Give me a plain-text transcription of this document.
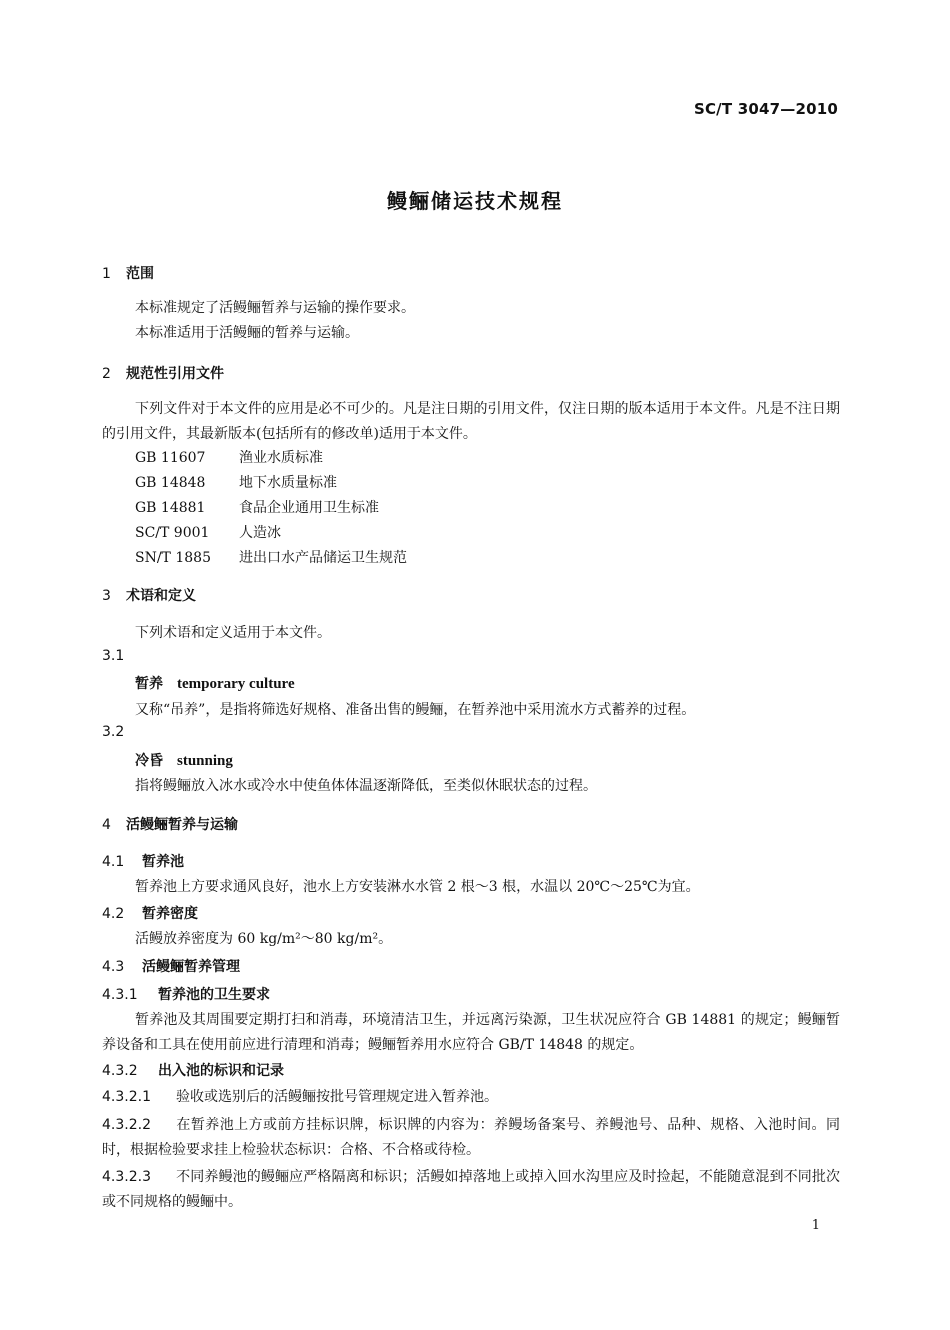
SC/T 3047—2010
鳗鲡储运技术规程
1 范围
本标准规定了活鳗鲡暂养与运输的操作要求。
本标准适用于活鳗鲡的暂养与运输。
2 规范性引用文件
下列文件对于本文件的应用是必不可少的。凡是注日期的引用文件，仅注日期的版本适用于本文件。凡是不注日期的引用文件，其最新版本(包括所有的修改单)适用于本文件。
GB 11607 渔业水质标准
GB 14848 地下水质量标准
GB 14881 食品企业通用卫生标准
SC/T 9001 人造冰
SN/T 1885 进出口水产品储运卫生规范
3 术语和定义
下列术语和定义适用于本文件。
3.1
暂养 temporary culture
又称“吊养”，是指将筛选好规格、准备出售的鳗鲡，在暂养池中采用流水方式蓄养的过程。
3.2
冷昏 stunning
指将鳗鲡放入冰水或冷水中使鱼体体温逐渐降低，至类似休眠状态的过程。
4 活鳗鲡暂养与运输
4.1 暂养池
暂养池上方要求通风良好，池水上方安装淋水水管 2 根～3 根，水温以 20℃～25℃为宜。
4.2 暂养密度
活鳗放养密度为 60 kg/m²～80 kg/m²。
4.3 活鳗鲡暂养管理
4.3.1 暂养池的卫生要求
暂养池及其周围要定期打扫和消毒，环境清洁卫生，并远离污染源，卫生状况应符合 GB 14881 的规定；鳗鲡暂养设备和工具在使用前应进行清理和消毒；鳗鲡暂养用水应符合 GB/T 14848 的规定。
4.3.2 出入池的标识和记录
4.3.2.1 验收或选别后的活鳗鲡按批号管理规定进入暂养池。
4.3.2.2 在暂养池上方或前方挂标识牌，标识牌的内容为：养鳗场备案号、养鳗池号、品种、规格、入池时间。同时，根据检验要求挂上检验状态标识：合格、不合格或待检。
4.3.2.3 不同养鳗池的鳗鲡应严格隔离和标识；活鳗如掉落地上或掉入回水沟里应及时捡起，不能随意混到不同批次或不同规格的鳗鲡中。
1
